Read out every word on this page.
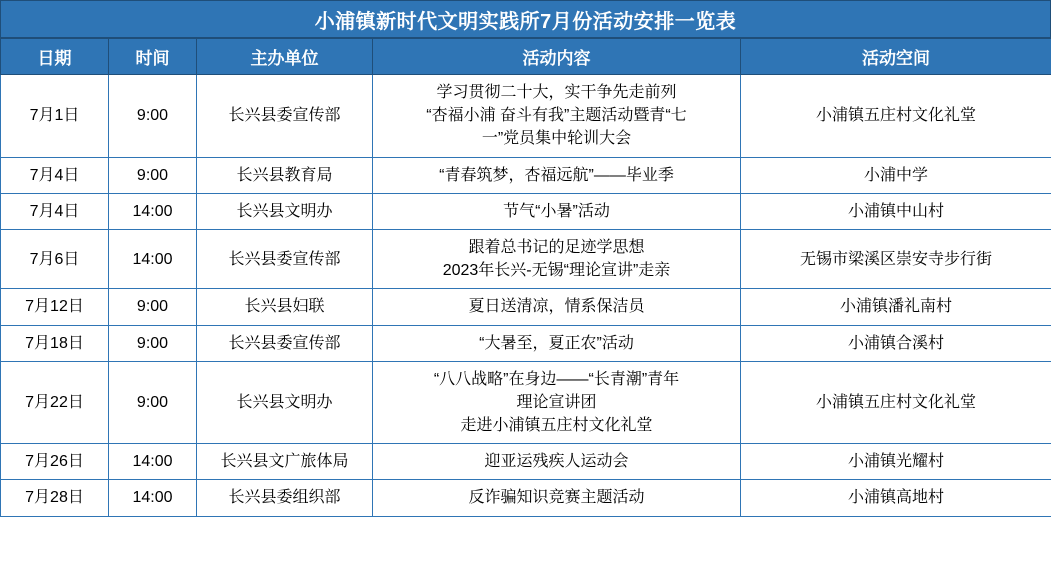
小浦镇新时代文明实践所7月份活动安排一览表
日期	时间	主办单位	活动内容	活动空间
7月1日	9:00	长兴县委宣传部	学习贯彻二十大，实干争先走前列
“杏福小浦 奋斗有我”主题活动暨青“七
一”党员集中轮训大会	小浦镇五庄村文化礼堂
7月4日	9:00	长兴县教育局	“青春筑梦，杏福远航”——毕业季	小浦中学
7月4日	14:00	长兴县文明办	节气“小暑”活动	小浦镇中山村
7月6日	14:00	长兴县委宣传部	跟着总书记的足迹学思想
2023年长兴-无锡“理论宣讲”走亲	无锡市梁溪区崇安寺步行街
7月12日	9:00	长兴县妇联	夏日送清凉，情系保洁员	小浦镇潘礼南村
7月18日	9:00	长兴县委宣传部	“大暑至，夏正农”活动	小浦镇合溪村
7月22日	9:00	长兴县文明办	“八八战略”在身边——“长青潮”青年
理论宣讲团
走进小浦镇五庄村文化礼堂	小浦镇五庄村文化礼堂
7月26日	14:00	长兴县文广旅体局	迎亚运残疾人运动会	小浦镇光耀村
7月28日	14:00	长兴县委组织部	反诈骗知识竞赛主题活动	小浦镇高地村
